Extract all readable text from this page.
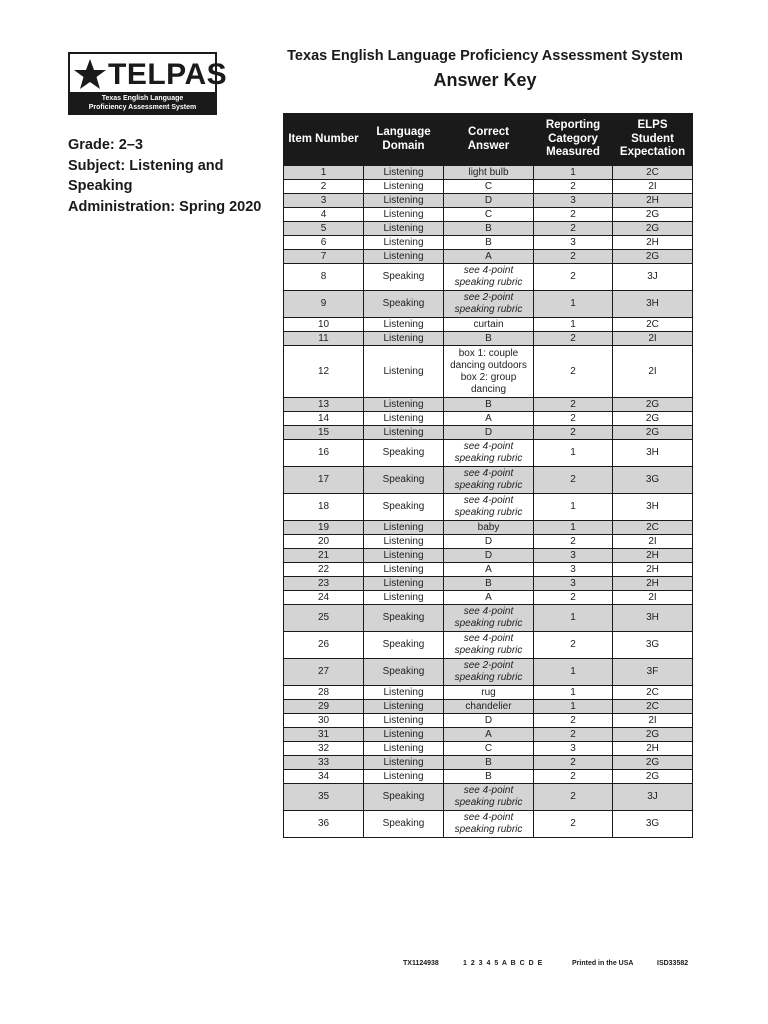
TELPAS
Texas English Language
Proficiency Assessment System
Texas English Language Proficiency Assessment System
Answer Key
Grade: 2–3
Subject: Listening and Speaking
Administration: Spring 2020
Item Number	Language Domain	Correct Answer	Reporting Category Measured	ELPS Student Expectation
1	Listening	light bulb	1	2C
2	Listening	C	2	2I
3	Listening	D	3	2H
4	Listening	C	2	2G
5	Listening	B	2	2G
6	Listening	B	3	2H
7	Listening	A	2	2G
8	Speaking	see 4-point speaking rubric	2	3J
9	Speaking	see 2-point speaking rubric	1	3H
10	Listening	curtain	1	2C
11	Listening	B	2	2I
12	Listening	box 1: couple dancing outdoors box 2: group dancing	2	2I
13	Listening	B	2	2G
14	Listening	A	2	2G
15	Listening	D	2	2G
16	Speaking	see 4-point speaking rubric	1	3H
17	Speaking	see 4-point speaking rubric	2	3G
18	Speaking	see 4-point speaking rubric	1	3H
19	Listening	baby	1	2C
20	Listening	D	2	2I
21	Listening	D	3	2H
22	Listening	A	3	2H
23	Listening	B	3	2H
24	Listening	A	2	2I
25	Speaking	see 4-point speaking rubric	1	3H
26	Speaking	see 4-point speaking rubric	2	3G
27	Speaking	see 2-point speaking rubric	1	3F
28	Listening	rug	1	2C
29	Listening	chandelier	1	2C
30	Listening	D	2	2I
31	Listening	A	2	2G
32	Listening	C	3	2H
33	Listening	B	2	2G
34	Listening	B	2	2G
35	Speaking	see 4-point speaking rubric	2	3J
36	Speaking	see 4-point speaking rubric	2	3G
TX1124938	1 2 3 4 5 A B C D E	Printed in the USA	ISD33582
